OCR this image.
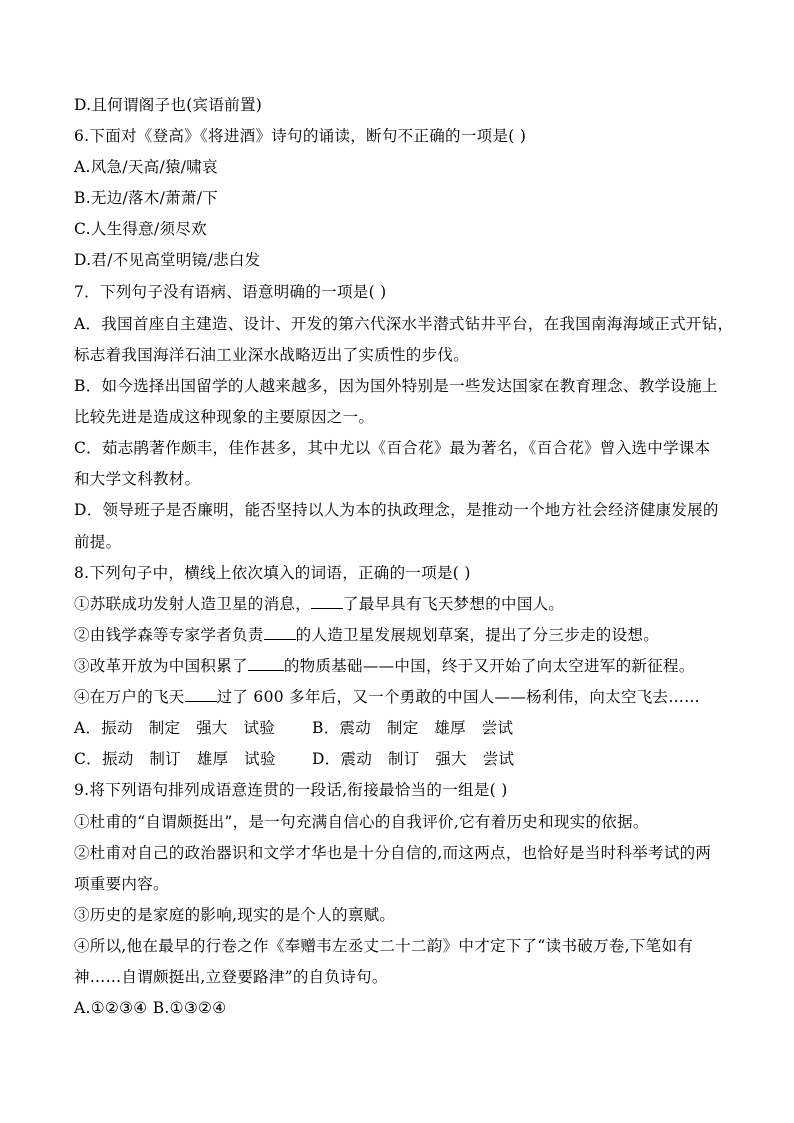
D.且何谓阁子也(宾语前置)
6.下面对《登高》《将进酒》诗句的诵读，断句不正确的一项是( )
A.风急/天高/猿/啸哀
B.无边/落木/萧萧/下
C.人生得意/须尽欢
D.君/不见高堂明镜/悲白发
7．下列句子没有语病、语意明确的一项是( )
A．我国首座自主建造、设计、开发的第六代深水半潜式钻井平台，在我国南海海域正式开钻，
标志着我国海洋石油工业深水战略迈出了实质性的步伐。
B．如今选择出国留学的人越来越多，因为国外特别是一些发达国家在教育理念、教学设施上
比较先进是造成这种现象的主要原因之一。
C．茹志鹃著作颇丰，佳作甚多，其中尤以《百合花》最为著名，《百合花》曾入选中学课本
和大学文科教材。
D．领导班子是否廉明，能否坚持以人为本的执政理念，是推动一个地方社会经济健康发展的
前提。
8.下列句子中，横线上依次填入的词语，正确的一项是( )
①苏联成功发射人造卫星的消息， 了最早具有飞天梦想的中国人。
②由钱学森等专家学者负责 的人造卫星发展规划草案，提出了分三步走的设想。
③改革开放为中国积累了 的物质基础——中国，终于又开始了向太空进军的新征程。
④在万户的飞天 过了 600 多年后，又一个勇敢的中国人——杨利伟，向太空飞去……
A．振动　制定　强大　试验 B．震动　制定　雄厚　尝试
C．振动　制订　雄厚　试验 D．震动　制订　强大　尝试
9.将下列语句排列成语意连贯的一段话,衔接最恰当的一组是( )
①杜甫的“自谓颇挺出”，是一句充满自信心的自我评价,它有着历史和现实的依据。
②杜甫对自己的政治器识和文学才华也是十分自信的,而这两点，也恰好是当时科举考试的两
项重要内容。
③历史的是家庭的影响,现实的是个人的禀赋。
④所以,他在最早的行卷之作《奉赠韦左丞丈二十二韵》中才定下了“读书破万卷,下笔如有
神……自谓颇挺出,立登要路津”的自负诗句。
A.①②③④ B.①③②④
